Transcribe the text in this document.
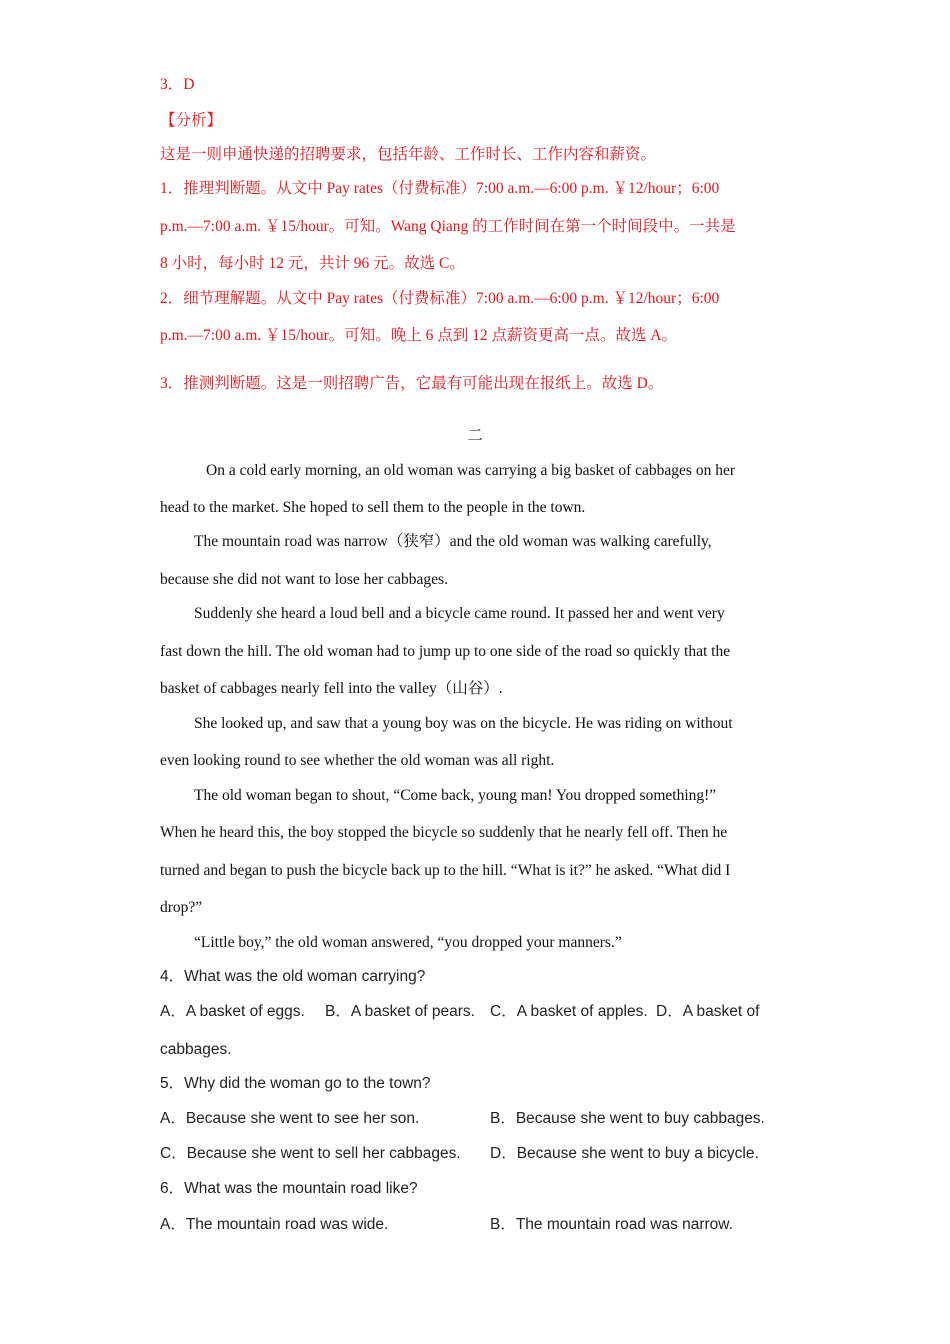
3．D
【分析】
这是一则申通快递的招聘要求，包括年龄、工作时长、工作内容和薪资。
1．推理判断题。从文中 Pay rates（付费标准）7:00 a.m.—6:00 p.m. ￥12/hour；6:00
p.m.—7:00 a.m. ￥15/hour。可知。Wang Qiang 的工作时间在第一个时间段中。一共是
8 小时，每小时 12 元，共计 96 元。故选 C。
2．细节理解题。从文中 Pay rates（付费标准）7:00 a.m.—6:00 p.m. ￥12/hour；6:00
p.m.—7:00 a.m. ￥15/hour。可知。晚上 6 点到 12 点薪资更高一点。故选 A。
3．推测判断题。这是一则招聘广告，它最有可能出现在报纸上。故选 D。
二
On a cold early morning, an old woman was carrying a big basket of cabbages on her
head to the market. She hoped to sell them to the people in the town.
The mountain road was narrow（狭窄）and the old woman was walking carefully,
because she did not want to lose her cabbages.
Suddenly she heard a loud bell and a bicycle came round. It passed her and went very
fast down the hill. The old woman had to jump up to one side of the road so quickly that the
basket of cabbages nearly fell into the valley（山谷）.
She looked up, and saw that a young boy was on the bicycle. He was riding on without
even looking round to see whether the old woman was all right.
The old woman began to shout, “Come back, young man! You dropped something!”
When he heard this, the boy stopped the bicycle so suddenly that he nearly fell off. Then he
turned and began to push the bicycle back up to the hill. “What is it?” he asked. “What did I
drop?”
“Little boy,” the old woman answered, “you dropped your manners.”
4．What was the old woman carrying?
A．A basket of eggs. B．A basket of pears. C．A basket of apples. D．A basket of
cabbages.
5．Why did the woman go to the town?
A．Because she went to see her son.	B．Because she went to buy cabbages.
C．Because she went to sell her cabbages. D．Because she went to buy a bicycle.
6．What was the mountain road like?
A．The mountain road was wide.	B．The mountain road was narrow.
